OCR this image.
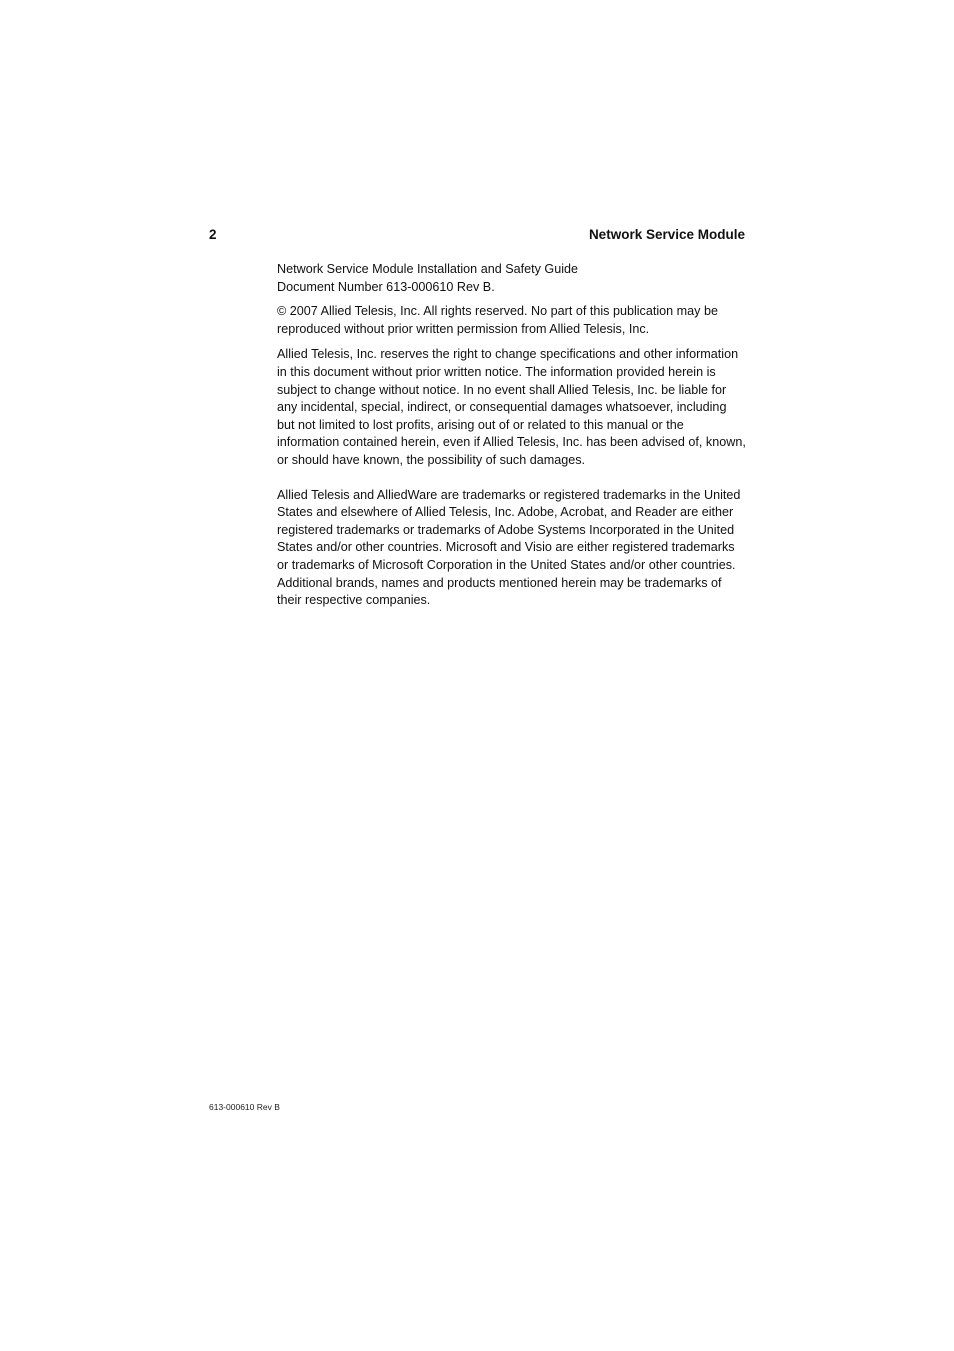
2	Network Service Module

Network Service Module Installation and Safety Guide
Document Number 613-000610 Rev B.

© 2007 Allied Telesis, Inc. All rights reserved. No part of this publication may be reproduced without prior written permission from Allied Telesis, Inc.

Allied Telesis, Inc. reserves the right to change specifications and other information in this document without prior written notice. The information provided herein is subject to change without notice. In no event shall Allied Telesis, Inc. be liable for any incidental, special, indirect, or consequential damages whatsoever, including but not limited to lost profits, arising out of or related to this manual or the information contained herein, even if Allied Telesis, Inc. has been advised of, known, or should have known, the possibility of such damages.

Allied Telesis and AlliedWare are trademarks or registered trademarks in the United States and elsewhere of Allied Telesis, Inc. Adobe, Acrobat, and Reader are either registered trademarks or trademarks of Adobe Systems Incorporated in the United States and/or other countries. Microsoft and Visio are either registered trademarks or trademarks of Microsoft Corporation in the United States and/or other countries. Additional brands, names and products mentioned herein may be trademarks of their respective companies.

613-000610 Rev B
